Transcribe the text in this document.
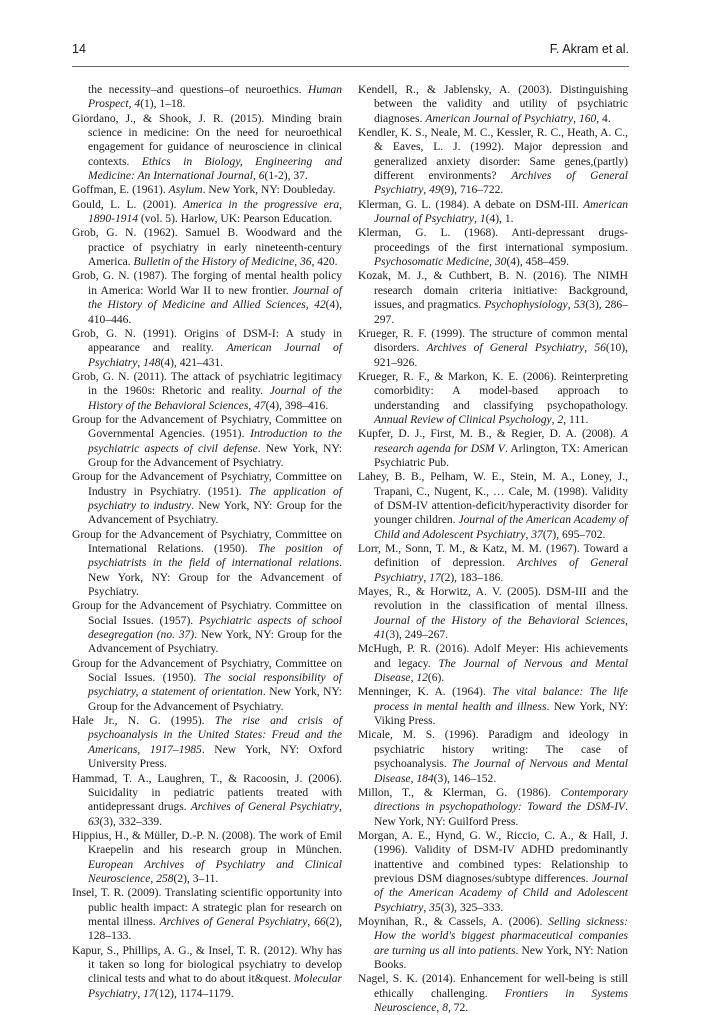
14	F. Akram et al.

the necessity–and questions–of neuroethics. Human Prospect, 4(1), 1–18.

Giordano, J., & Shook, J. R. (2015). Minding brain science in medicine: On the need for neuroethical engagement for guidance of neuroscience in clinical contexts. Ethics in Biology, Engineering and Medicine: An International Journal, 6(1-2), 37.

Goffman, E. (1961). Asylum. New York, NY: Doubleday.

Gould, L. L. (2001). America in the progressive era, 1890-1914 (vol. 5). Harlow, UK: Pearson Education.

Grob, G. N. (1962). Samuel B. Woodward and the practice of psychiatry in early nineteenth-century America. Bulletin of the History of Medicine, 36, 420.

Grob, G. N. (1987). The forging of mental health policy in America: World War II to new frontier. Journal of the History of Medicine and Allied Sciences, 42(4), 410–446.

Grob, G. N. (1991). Origins of DSM-I: A study in appearance and reality. American Journal of Psychiatry, 148(4), 421–431.

Grob, G. N. (2011). The attack of psychiatric legitimacy in the 1960s: Rhetoric and reality. Journal of the History of the Behavioral Sciences, 47(4), 398–416.

Group for the Advancement of Psychiatry, Committee on Governmental Agencies. (1951). Introduction to the psychiatric aspects of civil defense. New York, NY: Group for the Advancement of Psychiatry.

Group for the Advancement of Psychiatry, Committee on Industry in Psychiatry. (1951). The application of psychiatry to industry. New York, NY: Group for the Advancement of Psychiatry.

Group for the Advancement of Psychiatry, Committee on International Relations. (1950). The position of psychiatrists in the field of international relations. New York, NY: Group for the Advancement of Psychiatry.

Group for the Advancement of Psychiatry. Committee on Social Issues. (1957). Psychiatric aspects of school desegregation (no. 37). New York, NY: Group for the Advancement of Psychiatry.

Group for the Advancement of Psychiatry, Committee on Social Issues. (1950). The social responsibility of psychiatry, a statement of orientation. New York, NY: Group for the Advancement of Psychiatry.

Hale Jr., N. G. (1995). The rise and crisis of psychoanalysis in the United States: Freud and the Americans, 1917–1985. New York, NY: Oxford University Press.

Hammad, T. A., Laughren, T., & Racoosin, J. (2006). Suicidality in pediatric patients treated with antidepressant drugs. Archives of General Psychiatry, 63(3), 332–339.

Hippius, H., & Müller, D.-P. N. (2008). The work of Emil Kraepelin and his research group in München. European Archives of Psychiatry and Clinical Neuroscience, 258(2), 3–11.

Insel, T. R. (2009). Translating scientific opportunity into public health impact: A strategic plan for research on mental illness. Archives of General Psychiatry, 66(2), 128–133.

Kapur, S., Phillips, A. G., & Insel, T. R. (2012). Why has it taken so long for biological psychiatry to develop clinical tests and what to do about it&quest. Molecular Psychiatry, 17(12), 1174–1179.

Kendell, R., & Jablensky, A. (2003). Distinguishing between the validity and utility of psychiatric diagnoses. American Journal of Psychiatry, 160, 4.

Kendler, K. S., Neale, M. C., Kessler, R. C., Heath, A. C., & Eaves, L. J. (1992). Major depression and generalized anxiety disorder: Same genes,(partly) different environments? Archives of General Psychiatry, 49(9), 716–722.

Klerman, G. L. (1984). A debate on DSM-III. American Journal of Psychiatry, 1(4), 1.

Klerman, G. L. (1968). Anti-depressant drugs-proceedings of the first international symposium. Psychosomatic Medicine, 30(4), 458–459.

Kozak, M. J., & Cuthbert, B. N. (2016). The NIMH research domain criteria initiative: Background, issues, and pragmatics. Psychophysiology, 53(3), 286–297.

Krueger, R. F. (1999). The structure of common mental disorders. Archives of General Psychiatry, 56(10), 921–926.

Krueger, R. F., & Markon, K. E. (2006). Reinterpreting comorbidity: A model-based approach to understanding and classifying psychopathology. Annual Review of Clinical Psychology, 2, 111.

Kupfer, D. J., First, M. B., & Regier, D. A. (2008). A research agenda for DSM V. Arlington, TX: American Psychiatric Pub.

Lahey, B. B., Pelham, W. E., Stein, M. A., Loney, J., Trapani, C., Nugent, K., … Cale, M. (1998). Validity of DSM-IV attention-deficit/hyperactivity disorder for younger children. Journal of the American Academy of Child and Adolescent Psychiatry, 37(7), 695–702.

Lorr, M., Sonn, T. M., & Katz, M. M. (1967). Toward a definition of depression. Archives of General Psychiatry, 17(2), 183–186.

Mayes, R., & Horwitz, A. V. (2005). DSM-III and the revolution in the classification of mental illness. Journal of the History of the Behavioral Sciences, 41(3), 249–267.

McHugh, P. R. (2016). Adolf Meyer: His achievements and legacy. The Journal of Nervous and Mental Disease, 12(6).

Menninger, K. A. (1964). The vital balance: The life process in mental health and illness. New York, NY: Viking Press.

Micale, M. S. (1996). Paradigm and ideology in psychiatric history writing: The case of psychoanalysis. The Journal of Nervous and Mental Disease, 184(3), 146–152.

Millon, T., & Klerman, G. (1986). Contemporary directions in psychopathology: Toward the DSM-IV. New York, NY: Guilford Press.

Morgan, A. E., Hynd, G. W., Riccio, C. A., & Hall, J. (1996). Validity of DSM-IV ADHD predominantly inattentive and combined types: Relationship to previous DSM diagnoses/subtype differences. Journal of the American Academy of Child and Adolescent Psychiatry, 35(3), 325–333.

Moynihan, R., & Cassels, A. (2006). Selling sickness: How the world's biggest pharmaceutical companies are turning us all into patients. New York, NY: Nation Books.

Nagel, S. K. (2014). Enhancement for well-being is still ethically challenging. Frontiers in Systems Neuroscience, 8, 72.
